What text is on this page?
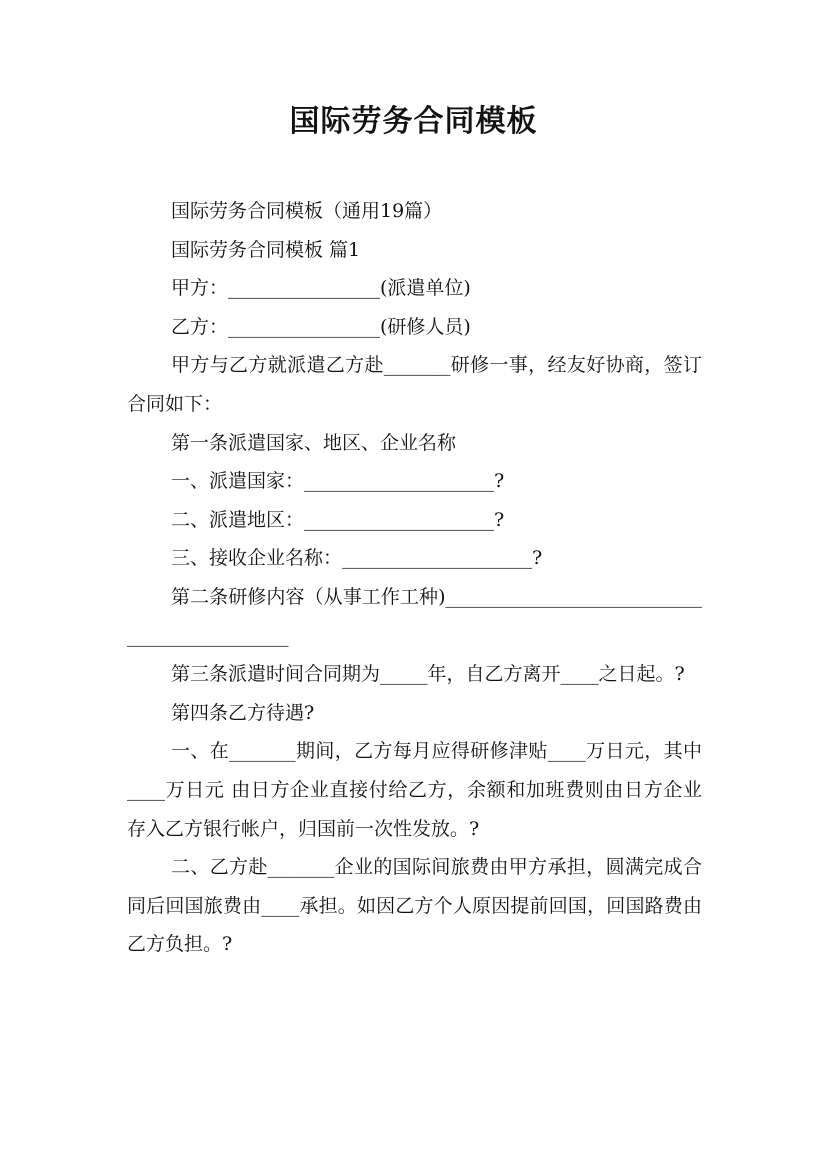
国际劳务合同模板

国际劳务合同模板（通用19篇）

国际劳务合同模板 篇1

甲方：________________(派遣单位)

乙方：________________(研修人员)

甲方与乙方就派遣乙方赴_______研修一事，经友好协商，签订合同如下：

第一条派遣国家、地区、企业名称

一、派遣国家：____________________?

二、派遣地区：____________________?

三、接收企业名称：____________________?

第二条研修内容（从事工作工种)____________________________________________

第三条派遣时间合同期为_____年，自乙方离开____之日起。?

第四条乙方待遇?

一、在_______期间，乙方每月应得研修津贴____万日元，其中____万日元 由日方企业直接付给乙方，余额和加班费则由日方企业存入乙方银行帐户，归国前一次性发放。?

二、乙方赴_______企业的国际间旅费由甲方承担，圆满完成合同后回国旅费由____承担。如因乙方个人原因提前回国，回国路费由乙方负担。?
